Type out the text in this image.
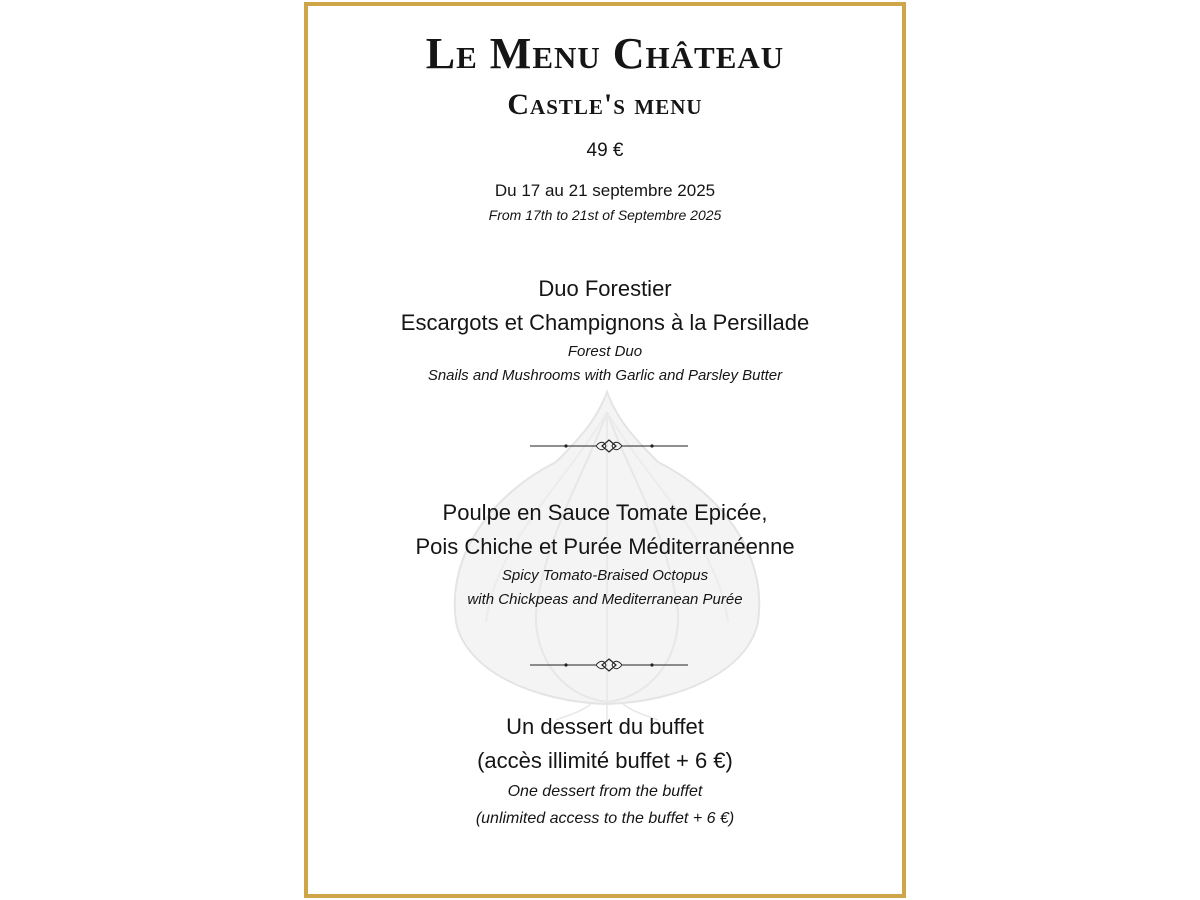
Le Menu Château
Castle's menu
49 €
Du 17 au 21 septembre 2025
From 17th to 21st of Septembre 2025
Duo Forestier
Escargots et Champignons à la Persillade
Forest Duo
Snails and Mushrooms with Garlic and Parsley Butter
Poulpe en Sauce Tomate Epicée,
Pois Chiche et Purée Méditerranéenne
Spicy Tomato-Braised Octopus
with Chickpeas and Mediterranean Purée
Un dessert du buffet
(accès illimité buffet + 6 €)
One dessert from the buffet
(unlimited access to the buffet + 6 €)
